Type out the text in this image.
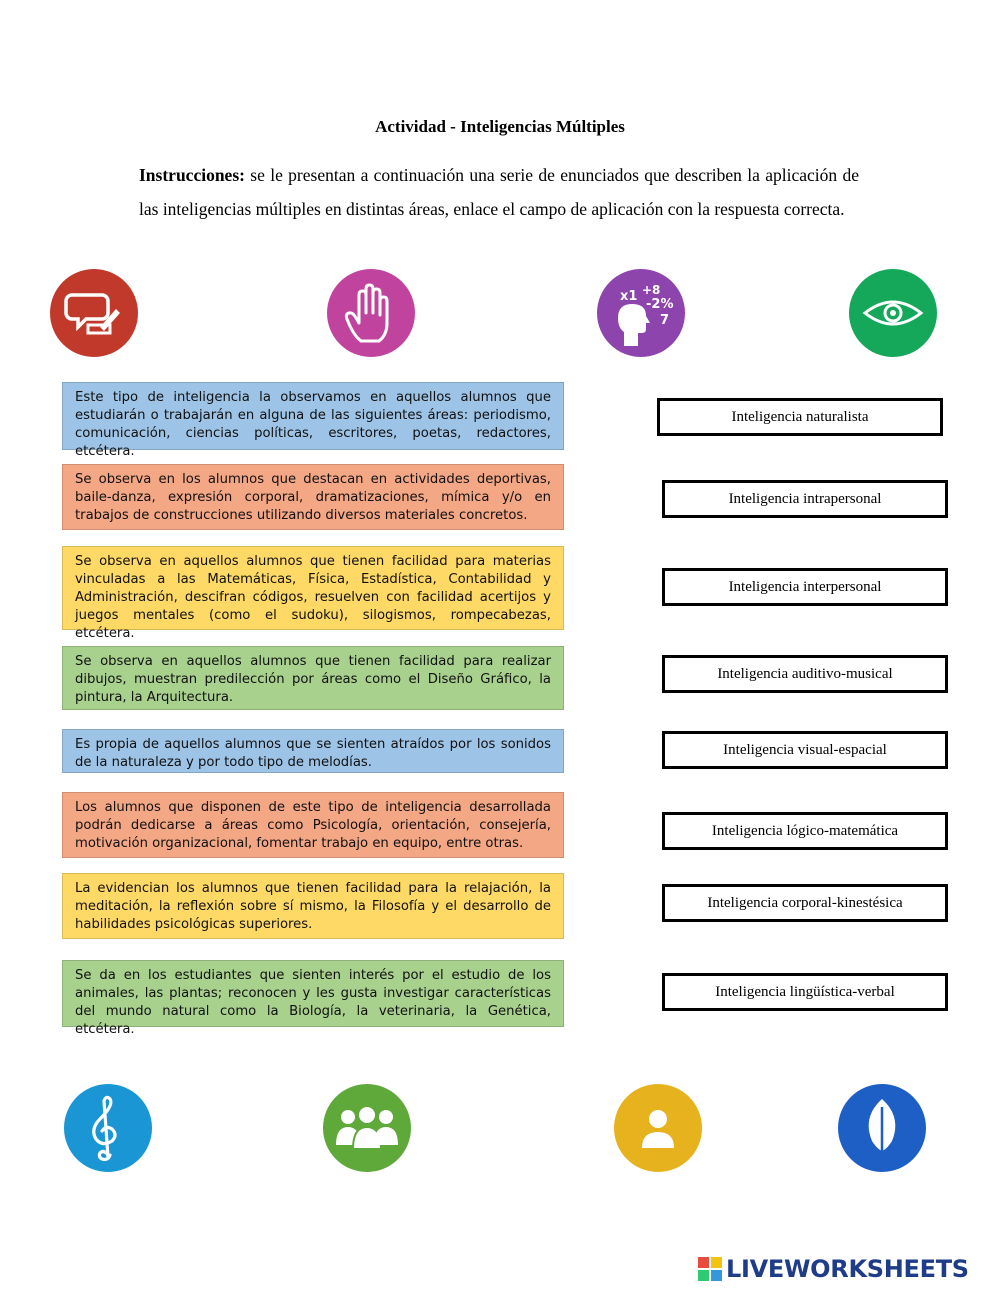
Actividad - Inteligencias Múltiples
Instrucciones: se le presentan a continuación una serie de enunciados que describen la aplicación de las inteligencias múltiples en distintas áreas, enlace el campo de aplicación con la respuesta correcta.
x1 +8
-2%
7
Este tipo de inteligencia la observamos en aquellos alumnos que estudiarán o trabajarán en alguna de las siguientes áreas: periodismo, comunicación, ciencias políticas, escritores, poetas, redactores, etcétera.
Se observa en los alumnos que destacan en actividades deportivas, baile-danza, expresión corporal, dramatizaciones, mímica y/o en trabajos de construcciones utilizando diversos materiales concretos.
Se observa en aquellos alumnos que tienen facilidad para materias vinculadas a las Matemáticas, Física, Estadística, Contabilidad y Administración, descifran códigos, resuelven con facilidad acertijos y juegos mentales (como el sudoku), silogismos, rompecabezas, etcétera.
Se observa en aquellos alumnos que tienen facilidad para realizar dibujos, muestran predilección por áreas como el Diseño Gráfico, la pintura, la Arquitectura.
Es propia de aquellos alumnos que se sienten atraídos por los sonidos de la naturaleza y por todo tipo de melodías.
Los alumnos que disponen de este tipo de inteligencia desarrollada podrán dedicarse a áreas como Psicología, orientación, consejería, motivación organizacional, fomentar trabajo en equipo, entre otras.
La evidencian los alumnos que tienen facilidad para la relajación, la meditación, la reflexión sobre sí mismo, la Filosofía y el desarrollo de habilidades psicológicas superiores.
Se da en los estudiantes que sienten interés por el estudio de los animales, las plantas; reconocen y les gusta investigar características del mundo natural como la Biología, la veterinaria, la Genética, etcétera.
Inteligencia naturalista
Inteligencia intrapersonal
Inteligencia interpersonal
Inteligencia auditivo-musical
Inteligencia visual-espacial
Inteligencia lógico-matemática
Inteligencia corporal-kinestésica
Inteligencia lingüística-verbal
LIVEWORKSHEETS
